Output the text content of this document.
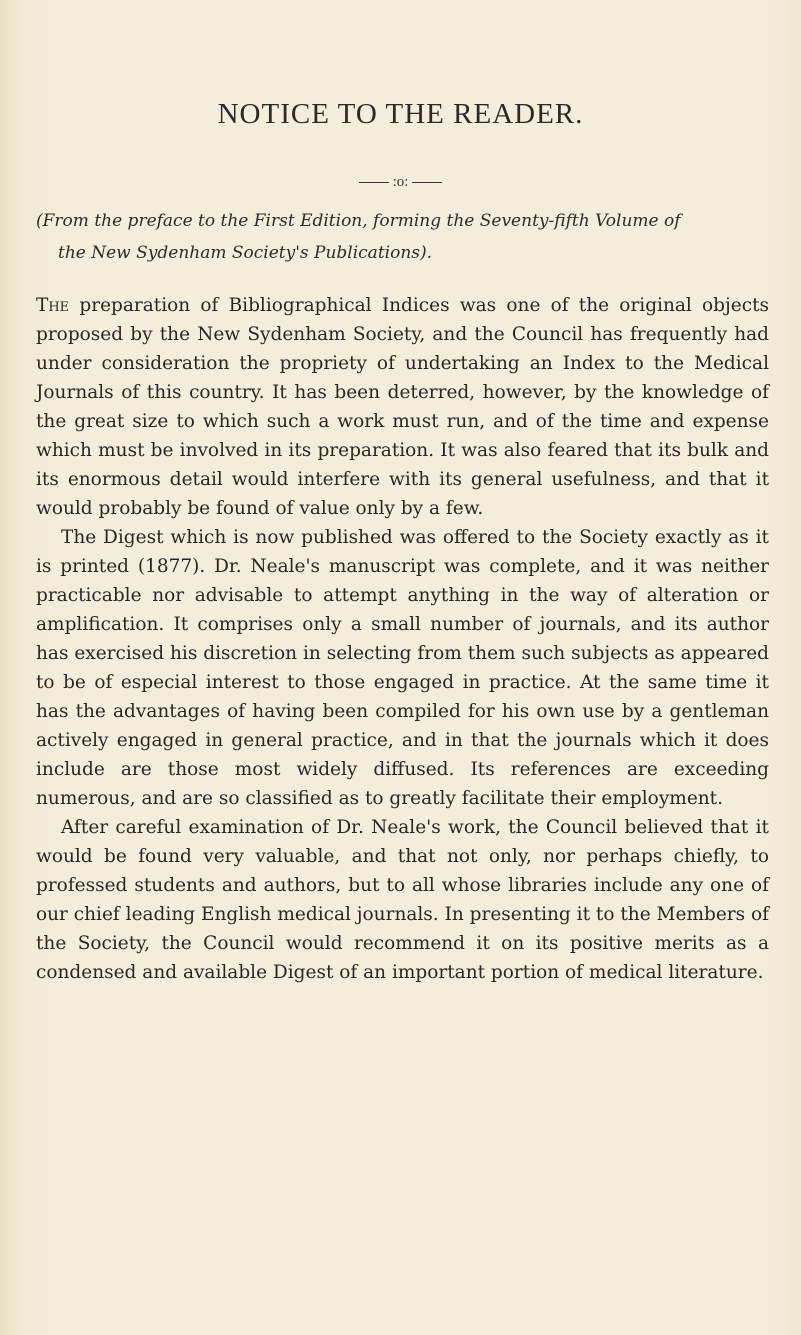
NOTICE TO THE READER.
:o:
(From the preface to the First Edition, forming the Seventy-fifth Volume of
the New Sydenham Society's Publications).

The preparation of Bibliographical Indices was one of the original objects proposed by the New Sydenham Society, and the Council has frequently had under consideration the propriety of undertaking an Index to the Medical Journals of this country. It has been deterred, however, by the knowledge of the great size to which such a work must run, and of the time and expense which must be involved in its preparation. It was also feared that its bulk and its enormous detail would interfere with its general usefulness, and that it would probably be found of value only by a few.

The Digest which is now published was offered to the Society exactly as it is printed (1877). Dr. Neale's manuscript was complete, and it was neither practicable nor advisable to attempt anything in the way of alteration or amplification. It comprises only a small number of journals, and its author has exercised his discretion in selecting from them such subjects as appeared to be of especial interest to those engaged in practice. At the same time it has the advantages of having been compiled for his own use by a gentleman actively engaged in general practice, and in that the journals which it does include are those most widely diffused. Its references are exceeding numerous, and are so classified as to greatly facilitate their employment.

After careful examination of Dr. Neale's work, the Council believed that it would be found very valuable, and that not only, nor perhaps chiefly, to professed students and authors, but to all whose libraries include any one of our chief leading English medical journals. In presenting it to the Members of the Society, the Council would recommend it on its positive merits as a condensed and available Digest of an important portion of medical literature.
